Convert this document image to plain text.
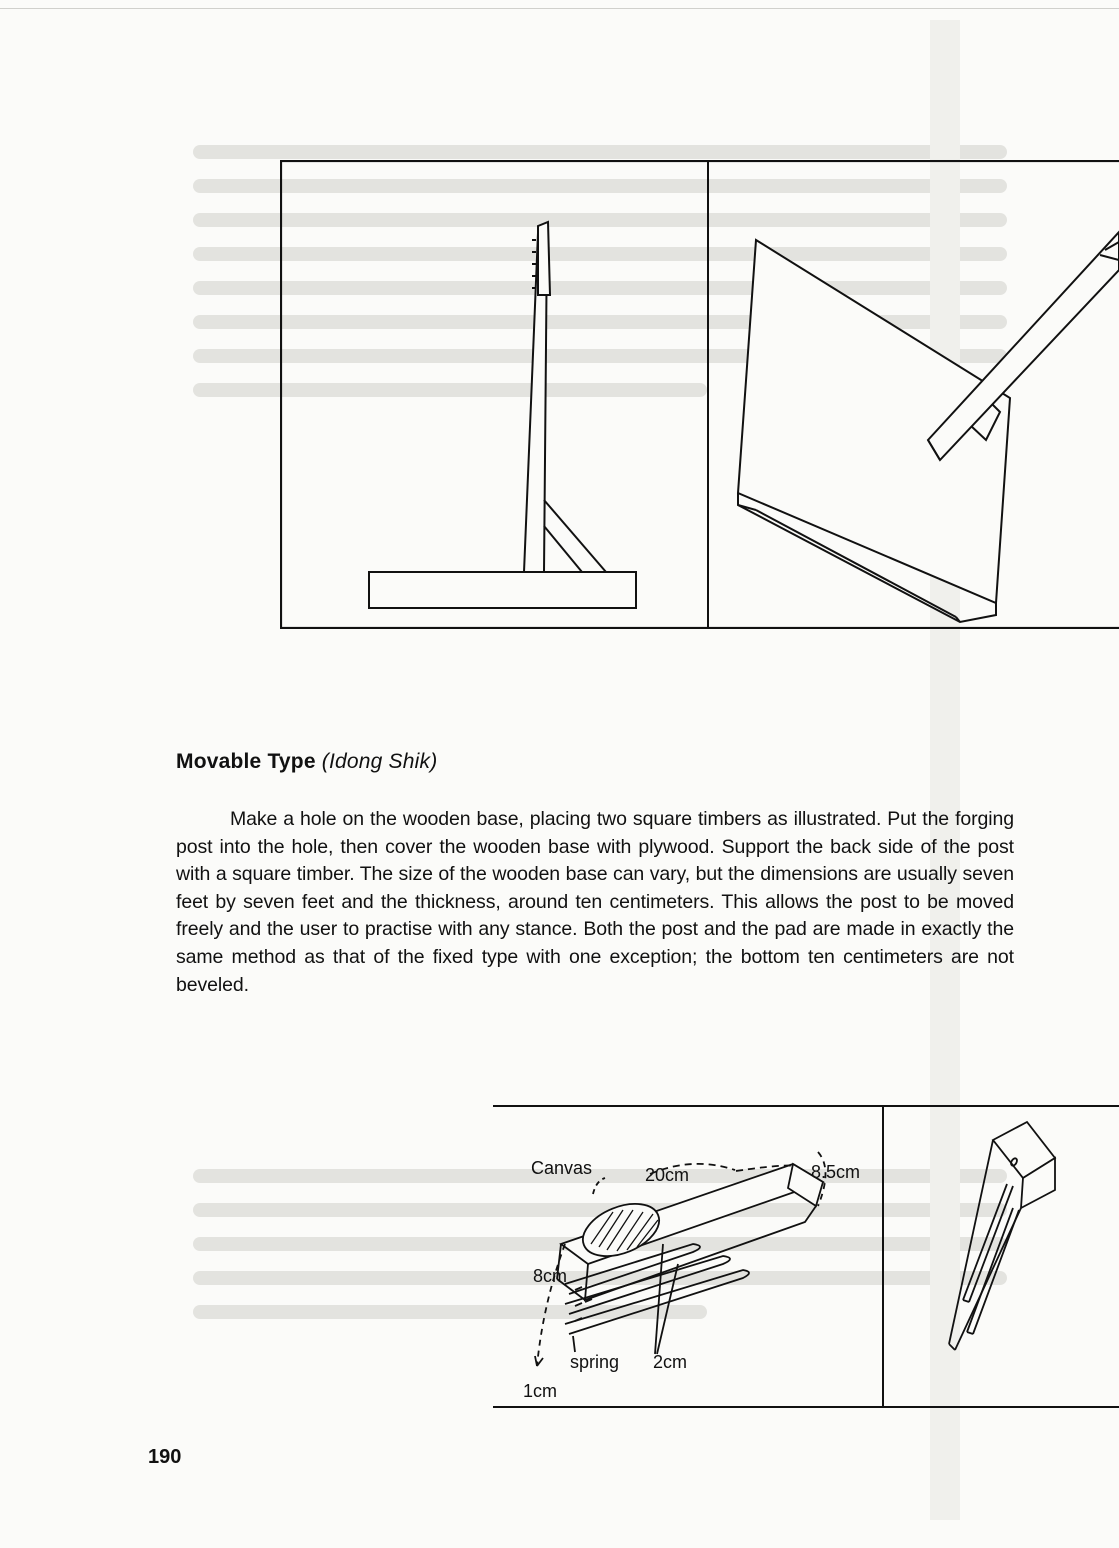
Movable Type (Idong Shik)

Make a hole on the wooden base, placing two square timbers as illustrated. Put the forging post into the hole, then cover the wooden base with plywood. Support the back side of the post with a square timber. The size of the wooden base can vary, but the dimensions are usually seven feet by seven feet and the thickness, around ten centimeters. This allows the post to be moved freely and the user to practise with any stance. Both the post and the pad are made in exactly the same method as that of the fixed type with one exception; the bottom ten centimeters are not beveled.

Canvas	20cm	8.5cm
8cm
spring 2cm
1cm
190
